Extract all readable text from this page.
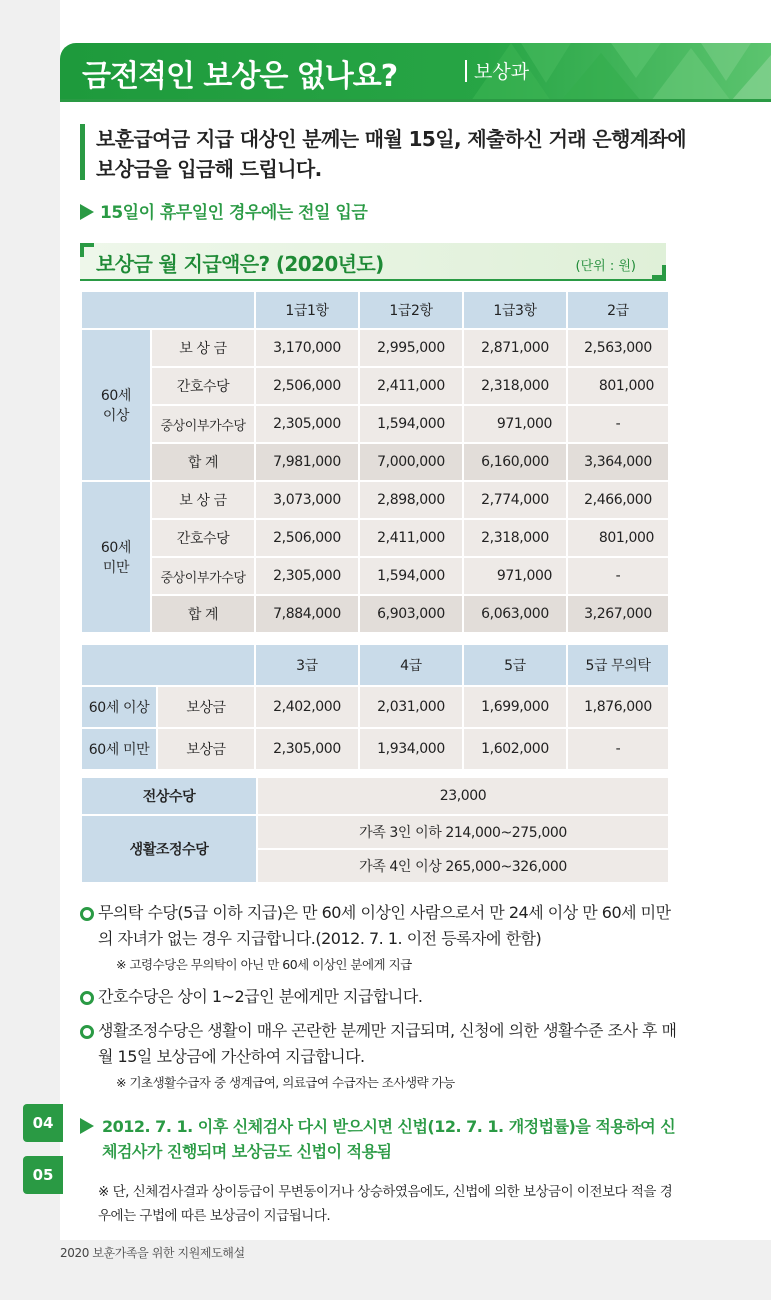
금전적인 보상은 없나요?	보상과
보훈급여금 지급 대상인 분께는 매월 15일, 제출하신 거래 은행계좌에 보상금을 입금해 드립니다.
15일이 휴무일인 경우에는 전일 입금
보상금 월 지급액은? (2020년도)	(단위 : 원)
		1급1항	1급2항	1급3항	2급
60세
이상	보 상 금	3,170,000	2,995,000	2,871,000	2,563,000
	간호수당	2,506,000	2,411,000	2,318,000	801,000
	중상이부가수당	2,305,000	1,594,000	971,000	-
	합 계	7,981,000	7,000,000	6,160,000	3,364,000
60세
미만	보 상 금	3,073,000	2,898,000	2,774,000	2,466,000
	간호수당	2,506,000	2,411,000	2,318,000	801,000
	중상이부가수당	2,305,000	1,594,000	971,000	-
	합 계	7,884,000	6,903,000	6,063,000	3,267,000
		3급	4급	5급	5급 무의탁
60세 이상	보상금	2,402,000	2,031,000	1,699,000	1,876,000
60세 미만	보상금	2,305,000	1,934,000	1,602,000	-
전상수당	23,000
생활조정수당	가족 3인 이하 214,000~275,000
	가족 4인 이상 265,000~326,000
무의탁 수당(5급 이하 지급)은 만 60세 이상인 사람으로서 만 24세 이상 만 60세 미만의 자녀가 없는 경우 지급합니다.(2012. 7. 1. 이전 등록자에 한함)
※ 고령수당은 무의탁이 아닌 만 60세 이상인 분에게 지급
간호수당은 상이 1~2급인 분에게만 지급합니다.
생활조정수당은 생활이 매우 곤란한 분께만 지급되며, 신청에 의한 생활수준 조사 후 매월 15일 보상금에 가산하여 지급합니다.
※ 기초생활수급자 중 생계급여, 의료급여 수급자는 조사생략 가능
2012. 7. 1. 이후 신체검사 다시 받으시면 신법(12. 7. 1. 개정법률)을 적용하여 신체검사가 진행되며 보상금도 신법이 적용됨
※ 단, 신체검사결과 상이등급이 무변동이거나 상승하였음에도, 신법에 의한 보상금이 이전보다 적을 경우에는 구법에 따른 보상금이 지급됩니다.
04
05
2020 보훈가족을 위한 지원제도해설
